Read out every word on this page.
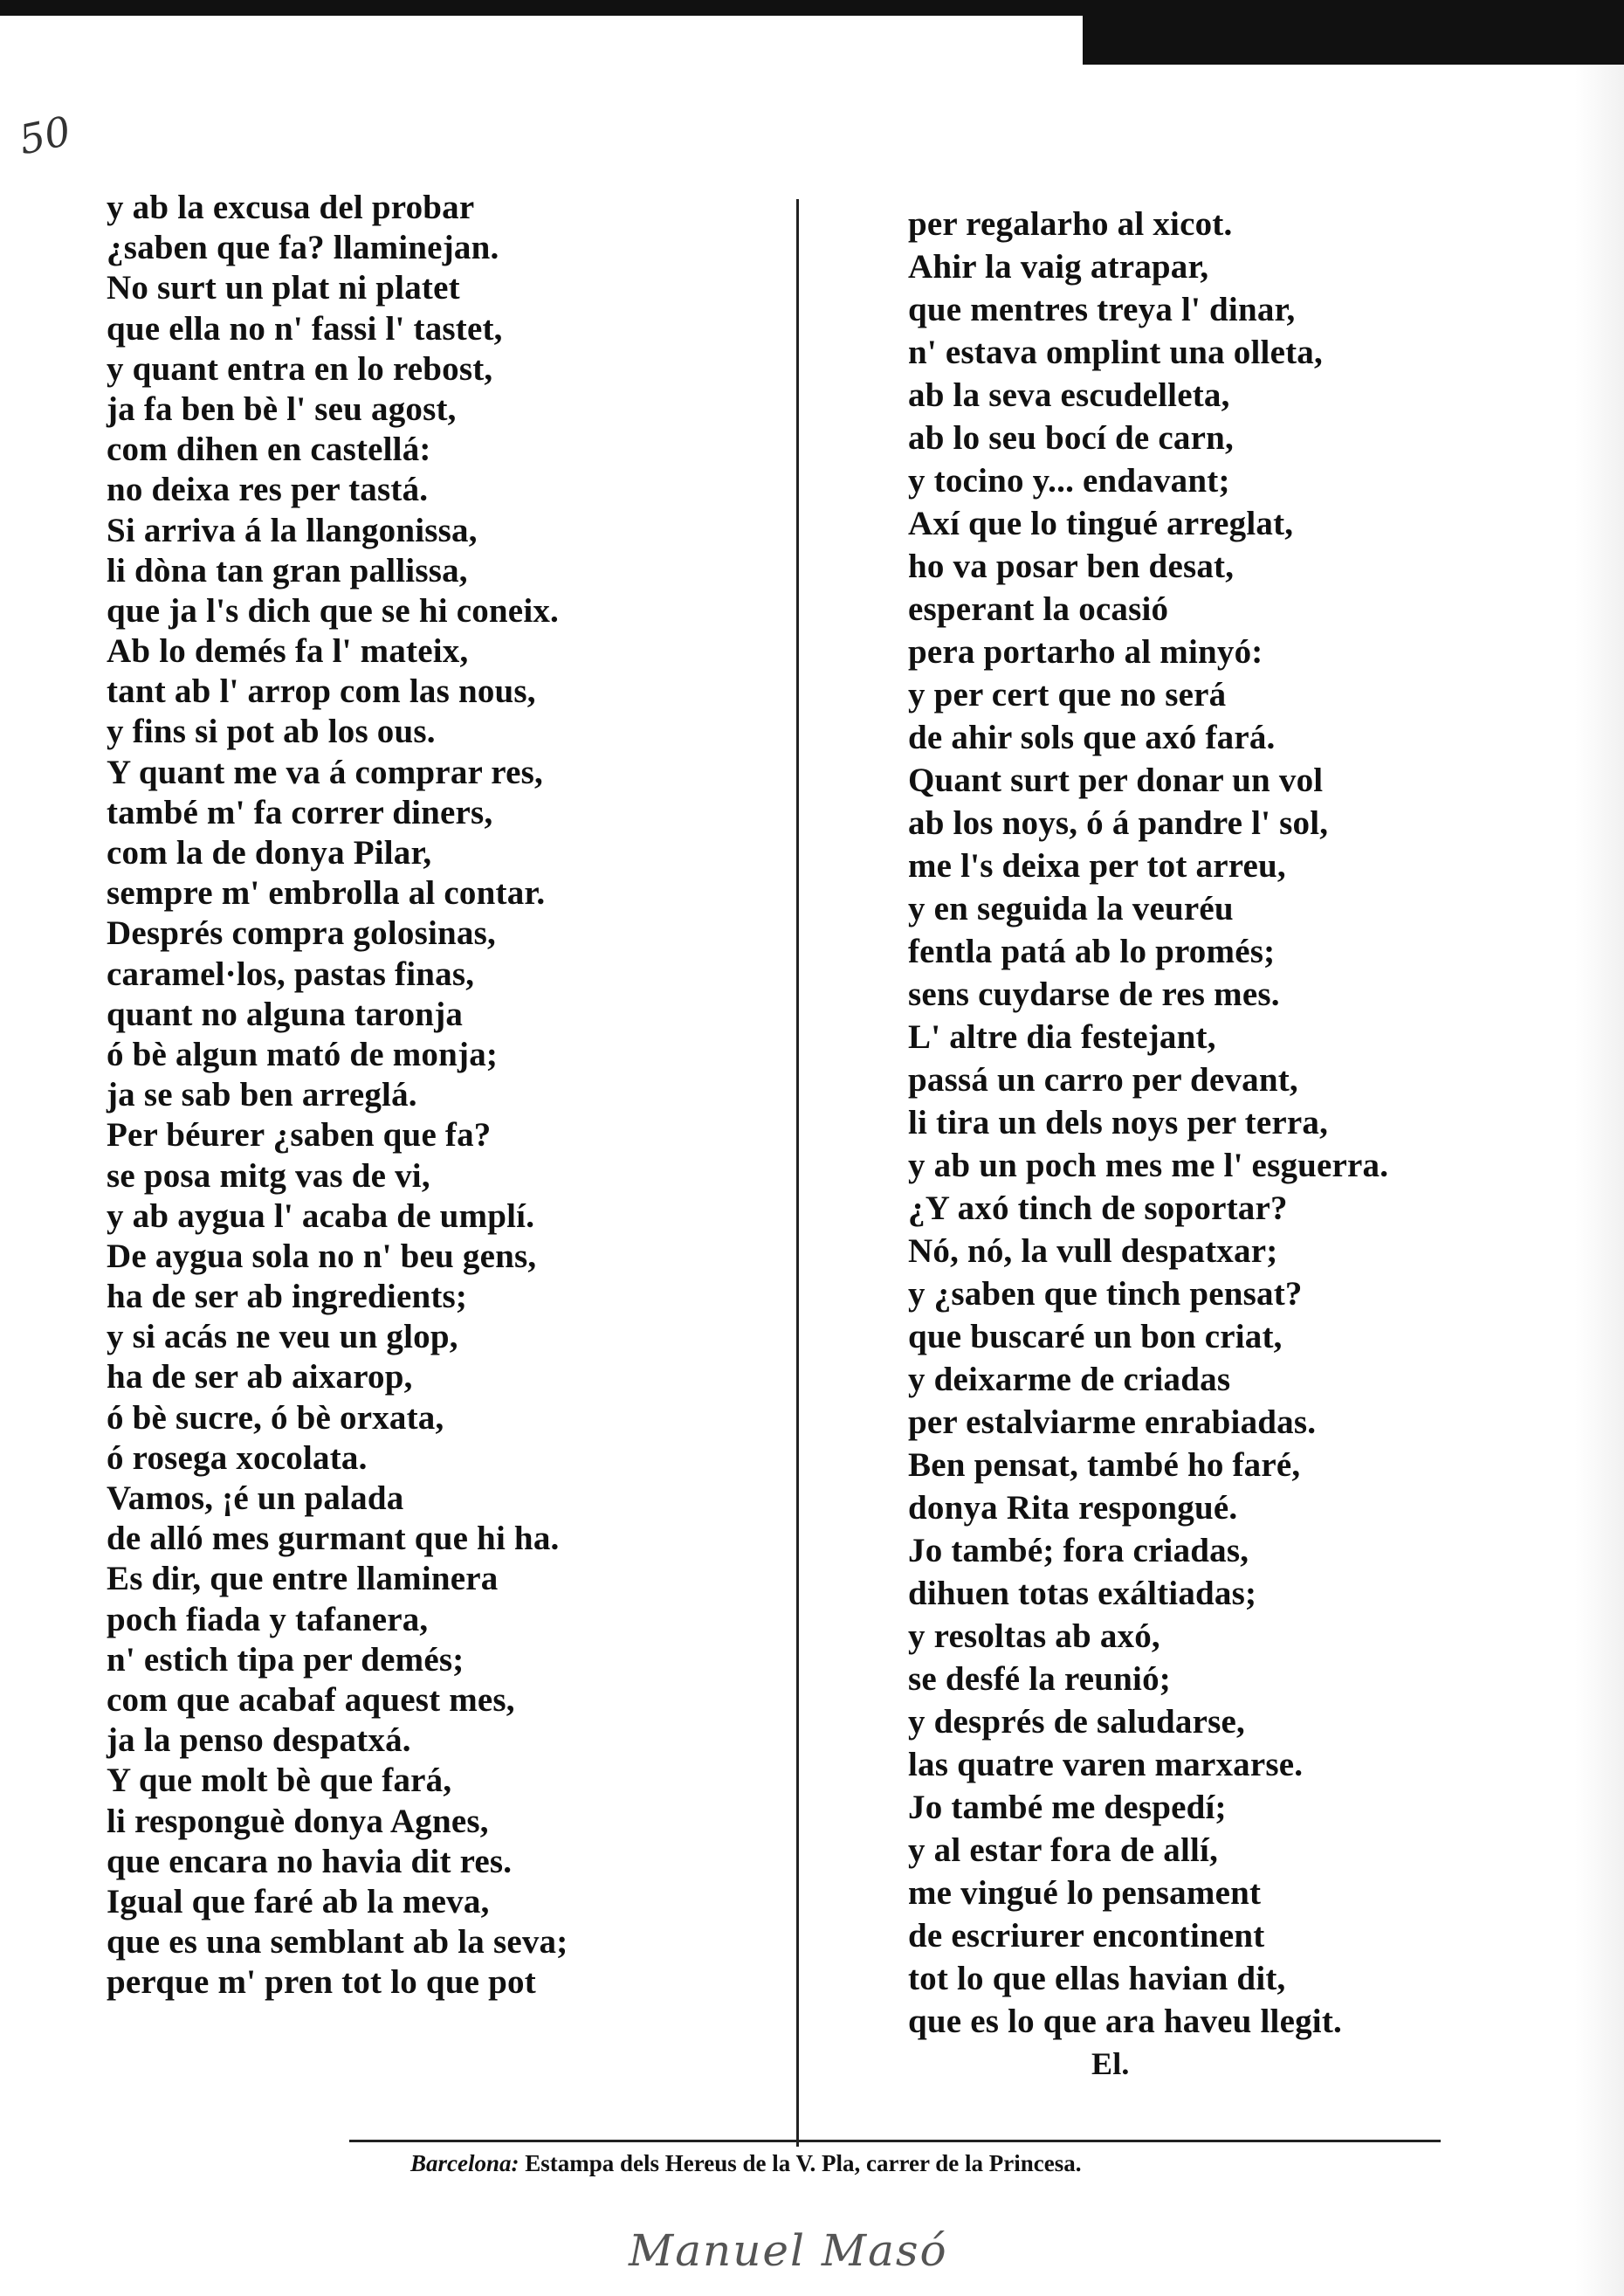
50
y ab la excusa del probar
¿saben que fa? llaminejan.
No surt un plat ni platet
que ella no n' fassi l' tastet,
y quant entra en lo rebost,
ja fa ben bè l' seu agost,
com dihen en castellá:
no deixa res per tastá.
Si arriva á la llangonissa,
li dòna tan gran pallissa,
que ja l's dich que se hi coneix.
Ab lo demés fa l' mateix,
tant ab l' arrop com las nous,
y fins si pot ab los ous.
Y quant me va á comprar res,
també m' fa correr diners,
com la de donya Pilar,
sempre m' embrolla al contar.
Després compra golosinas,
caramel·los, pastas finas,
quant no alguna taronja
ó bè algun mató de monja;
ja se sab ben arreglá.
Per béurer ¿saben que fa?
se posa mitg vas de vi,
y ab aygua l' acaba de umplí.
De aygua sola no n' beu gens,
ha de ser ab ingredients;
y si acás ne veu un glop,
ha de ser ab aixarop,
ó bè sucre, ó bè orxata,
ó rosega xocolata.
Vamos, ¡é un palada
de alló mes gurmant que hi ha.
Es dir, que entre llaminera
poch fiada y tafanera,
n' estich tipa per demés;
com que acabaf aquest mes,
ja la penso despatxá.
Y que molt bè que fará,
li responguè donya Agnes,
que encara no havia dit res.
Igual que faré ab la meva,
que es una semblant ab la seva;
perque m' pren tot lo que pot
per regalarho al xicot.
Ahir la vaig atrapar,
que mentres treya l' dinar,
n' estava omplint una olleta,
ab la seva escudelleta,
ab lo seu bocí de carn,
y tocino y... endavant;
Axí que lo tingué arreglat,
ho va posar ben desat,
esperant la ocasió
pera portarho al minyó:
y per cert que no será
de ahir sols que axó fará.
Quant surt per donar un vol
ab los noys, ó á pandre l' sol,
me l's deixa per tot arreu,
y en seguida la veuréu
fentla patá ab lo promés;
sens cuydarse de res mes.
L' altre dia festejant,
passá un carro per devant,
li tira un dels noys per terra,
y ab un poch mes me l' esguerra.
¿Y axó tinch de soportar?
Nó, nó, la vull despatxar;
y ¿saben que tinch pensat?
que buscaré un bon criat,
y deixarme de criadas
per estalviarme enrabiadas.
Ben pensat, també ho faré,
donya Rita respongué.
Jo també; fora criadas,
dihuen totas exáltiadas;
y resoltas ab axó,
se desfé la reunió;
y després de saludarse,
las quatre varen marxarse.
Jo també me despedí;
y al estar fora de allí,
me vingué lo pensament
de escriurer encontinent
tot lo que ellas havian dit,
que es lo que ara haveu llegit.
El.
Barcelona: Estampa dels Hereus de la V. Pla, carrer de la Princesa.
Manuel Masó
